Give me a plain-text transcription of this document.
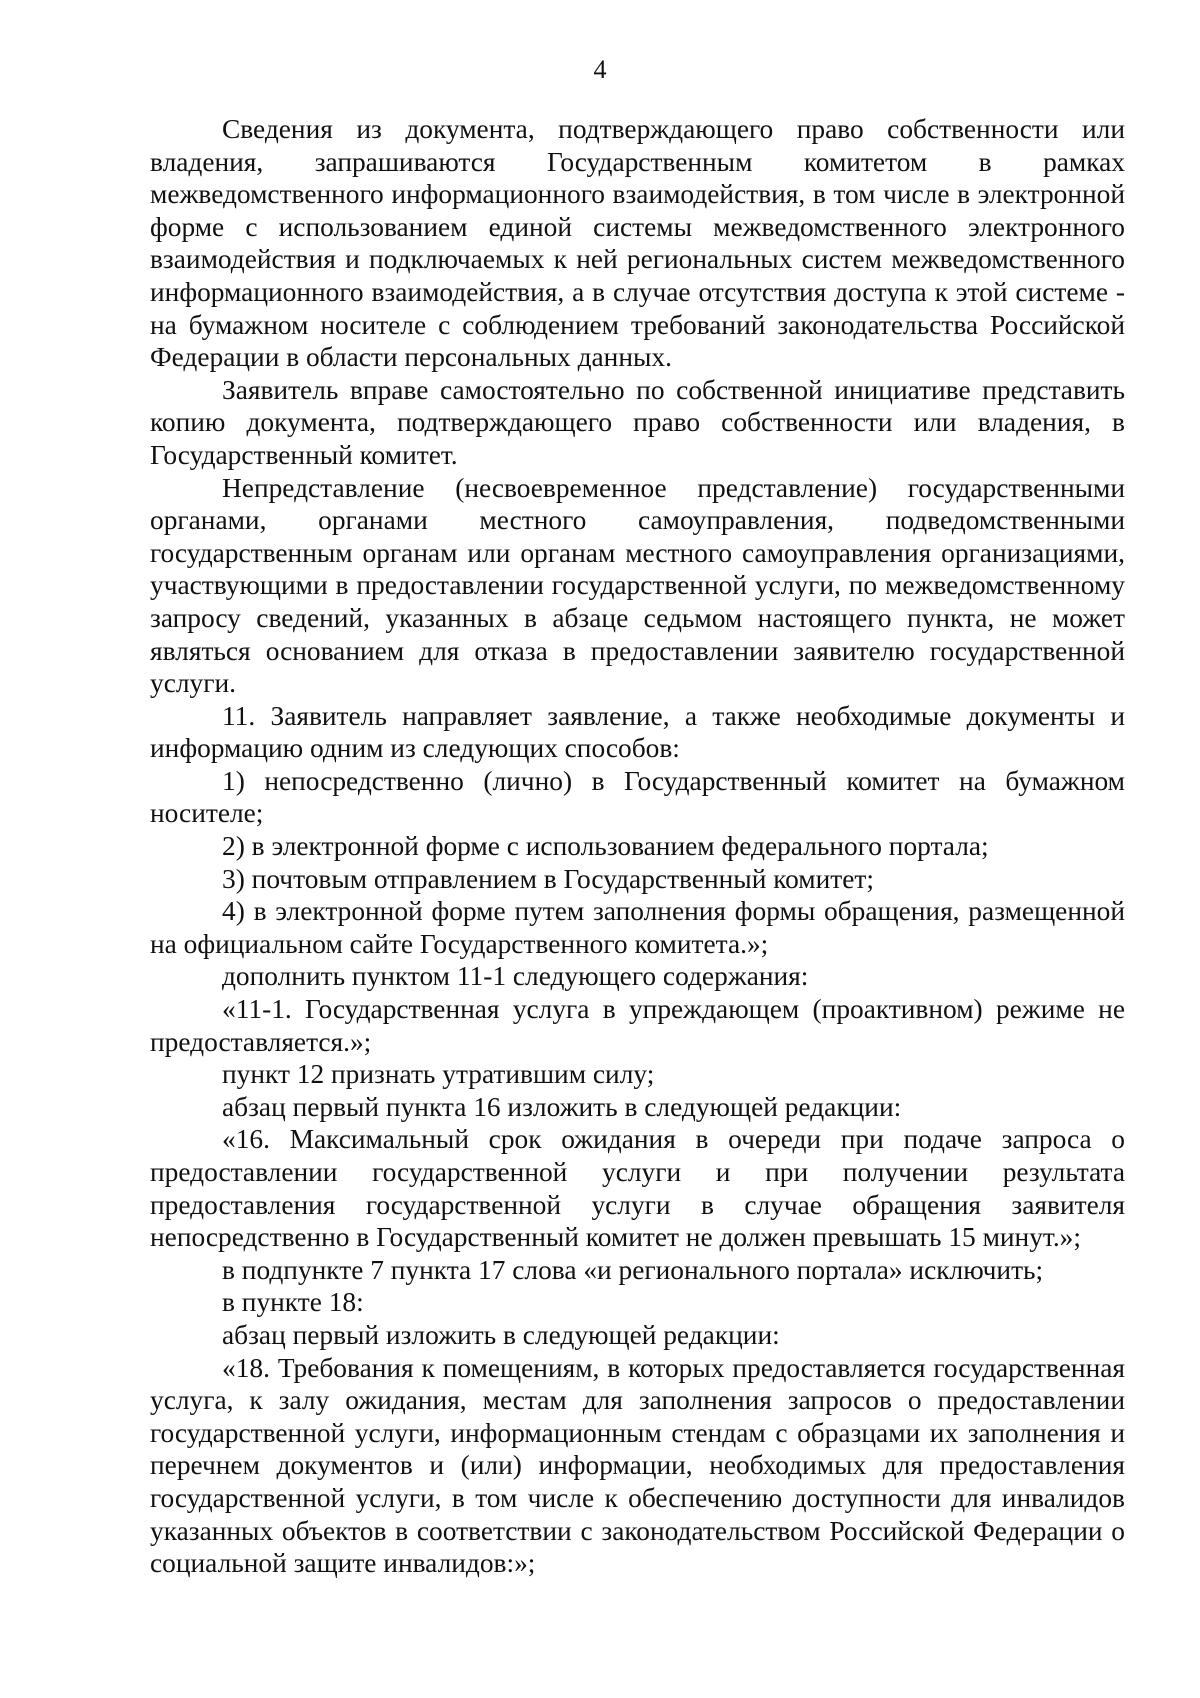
4

Сведения из документа, подтверждающего право собственности или владения, запрашиваются Государственным комитетом в рамках межведомственного информационного взаимодействия, в том числе в электронной форме с использованием единой системы межведомственного электронного взаимодействия и подключаемых к ней региональных систем межведомственного информационного взаимодействия, а в случае отсутствия доступа к этой системе - на бумажном носителе с соблюдением требований законодательства Российской Федерации в области персональных данных.

Заявитель вправе самостоятельно по собственной инициативе представить копию документа, подтверждающего право собственности или владения, в Государственный комитет.

Непредставление (несвоевременное представление) государственными органами, органами местного самоуправления, подведомственными государственным органам или органам местного самоуправления организациями, участвующими в предоставлении государственной услуги, по межведомственному запросу сведений, указанных в абзаце седьмом настоящего пункта, не может являться основанием для отказа в предоставлении заявителю государственной услуги.

11. Заявитель направляет заявление, а также необходимые документы и информацию одним из следующих способов:

1) непосредственно (лично) в Государственный комитет на бумажном носителе;

2) в электронной форме с использованием федерального портала;

3) почтовым отправлением в Государственный комитет;

4) в электронной форме путем заполнения формы обращения, размещенной на официальном сайте Государственного комитета.»;

дополнить пунктом 11-1 следующего содержания:

«11-1. Государственная услуга в упреждающем (проактивном) режиме не предоставляется.»;

пункт 12 признать утратившим силу;

абзац первый пункта 16 изложить в следующей редакции:

«16. Максимальный срок ожидания в очереди при подаче запроса о предоставлении государственной услуги и при получении результата предоставления государственной услуги в случае обращения заявителя непосредственно в Государственный комитет не должен превышать 15 минут.»;

в подпункте 7 пункта 17 слова «и регионального портала» исключить;

в пункте 18:

абзац первый изложить в следующей редакции:

«18. Требования к помещениям, в которых предоставляется государственная услуга, к залу ожидания, местам для заполнения запросов о предоставлении государственной услуги, информационным стендам с образцами их заполнения и перечнем документов и (или) информации, необходимых для предоставления государственной услуги, в том числе к обеспечению доступности для инвалидов указанных объектов в соответствии с законодательством Российской Федерации о социальной защите инвалидов:»;
